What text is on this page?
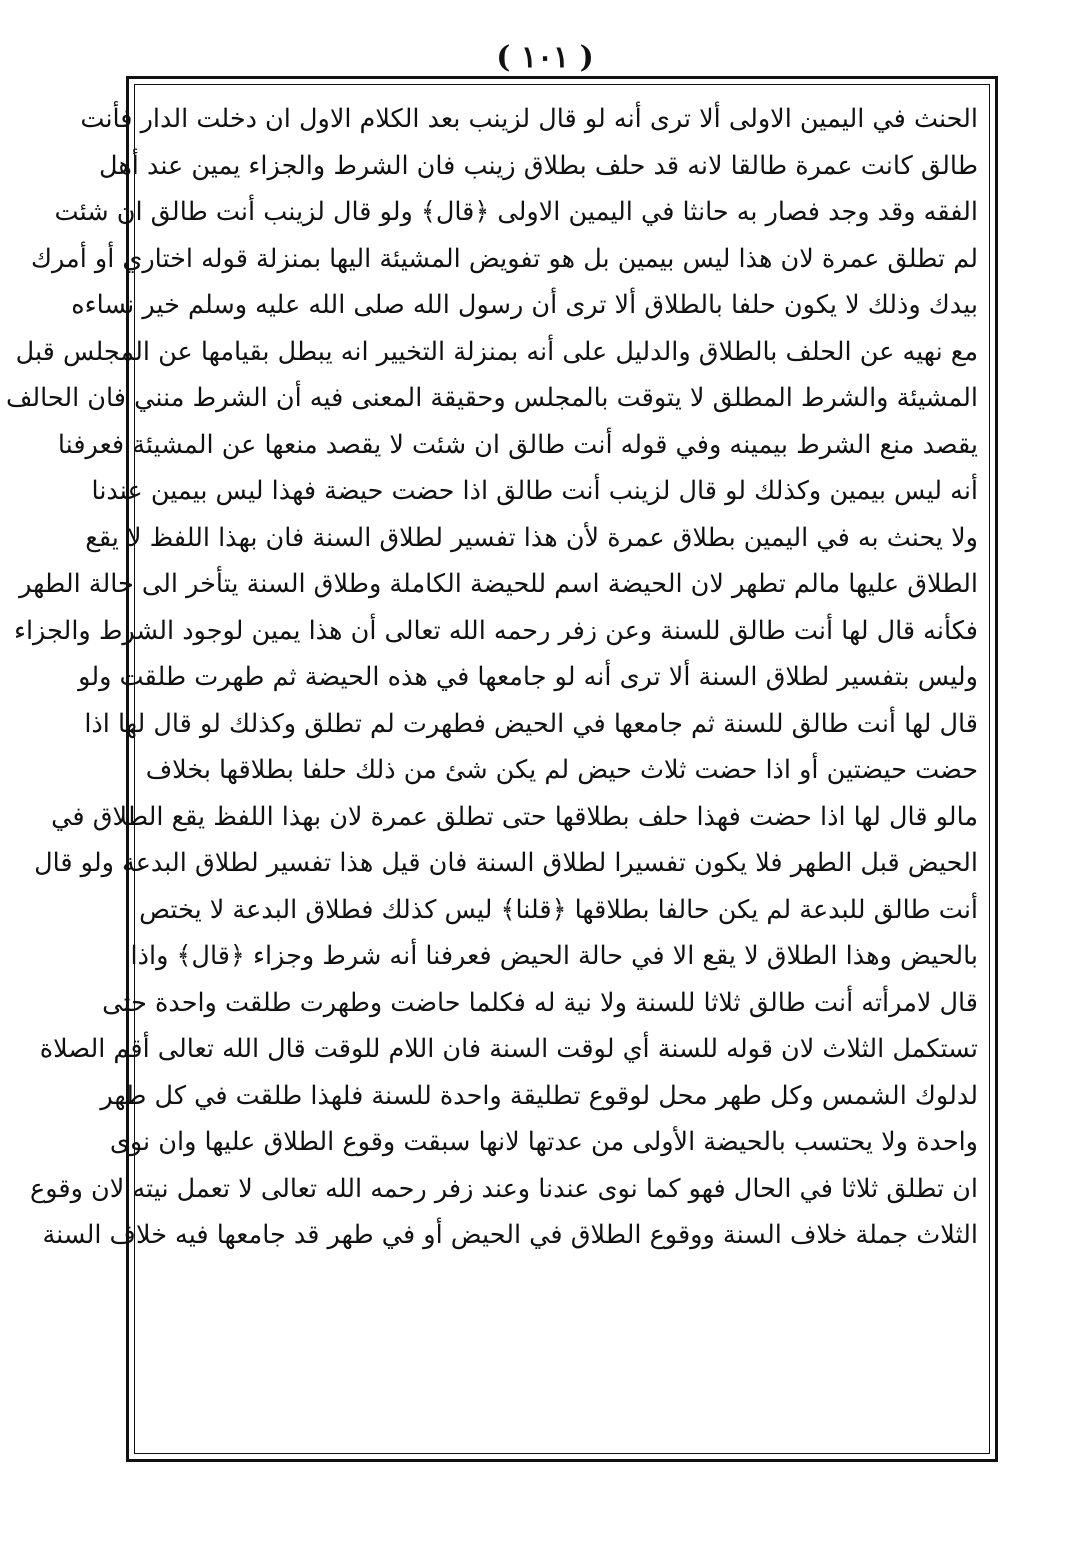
( ١٠١ )
الحنث في اليمين الاولى ألا ترى أنه لو قال لزينب بعد الكلام الاول ان دخلت الدار فأنت
طالق كانت عمرة طالقا لانه قد حلف بطلاق زينب فان الشرط والجزاء يمين عند أهل
الفقه وقد وجد فصار به حانثا في اليمين الاولى ﴿قال﴾ ولو قال لزينب أنت طالق ان شئت
لم تطلق عمرة لان هذا ليس بيمين بل هو تفويض المشيئة اليها بمنزلة قوله اختاري أو أمرك
بيدك وذلك لا يكون حلفا بالطلاق ألا ترى أن رسول الله صلى الله عليه وسلم خير نساءه
مع نهيه عن الحلف بالطلاق والدليل على أنه بمنزلة التخيير انه يبطل بقيامها عن المجلس قبل
المشيئة والشرط المطلق لا يتوقت بالمجلس وحقيقة المعنى فيه أن الشرط منني فان الحالف
يقصد منع الشرط بيمينه وفي قوله أنت طالق ان شئت لا يقصد منعها عن المشيئة فعرفنا
أنه ليس بيمين وكذلك لو قال لزينب أنت طالق اذا حضت حيضة فهذا ليس بيمين عندنا
ولا يحنث به في اليمين بطلاق عمرة لأن هذا تفسير لطلاق السنة فان بهذا اللفظ لا يقع
الطلاق عليها مالم تطهر لان الحيضة اسم للحيضة الكاملة وطلاق السنة يتأخر الى حالة الطهر
فكأنه قال لها أنت طالق للسنة وعن زفر رحمه الله تعالى أن هذا يمين لوجود الشرط والجزاء
وليس بتفسير لطلاق السنة ألا ترى أنه لو جامعها في هذه الحيضة ثم طهرت طلقت ولو
قال لها أنت طالق للسنة ثم جامعها في الحيض فطهرت لم تطلق وكذلك لو قال لها اذا
حضت حيضتين أو اذا حضت ثلاث حيض لم يكن شئ من ذلك حلفا بطلاقها بخلاف
مالو قال لها اذا حضت فهذا حلف بطلاقها حتى تطلق عمرة لان بهذا اللفظ يقع الطلاق في
الحيض قبل الطهر فلا يكون تفسيرا لطلاق السنة فان قيل هذا تفسير لطلاق البدعة ولو قال
أنت طالق للبدعة لم يكن حالفا بطلاقها ﴿قلنا﴾ ليس كذلك فطلاق البدعة لا يختص
بالحيض وهذا الطلاق لا يقع الا في حالة الحيض فعرفنا أنه شرط وجزاء ﴿قال﴾ واذا
قال لامرأته أنت طالق ثلاثا للسنة ولا نية له فكلما حاضت وطهرت طلقت واحدة حتى
تستكمل الثلاث لان قوله للسنة أي لوقت السنة فان اللام للوقت قال الله تعالى أقم الصلاة
لدلوك الشمس وكل طهر محل لوقوع تطليقة واحدة للسنة فلهذا طلقت في كل طهر
واحدة ولا يحتسب بالحيضة الأولى من عدتها لانها سبقت وقوع الطلاق عليها وان نوى
ان تطلق ثلاثا في الحال فهو كما نوى عندنا وعند زفر رحمه الله تعالى لا تعمل نيته لان وقوع
الثلاث جملة خلاف السنة ووقوع الطلاق في الحيض أو في طهر قد جامعها فيه خلاف السنة
